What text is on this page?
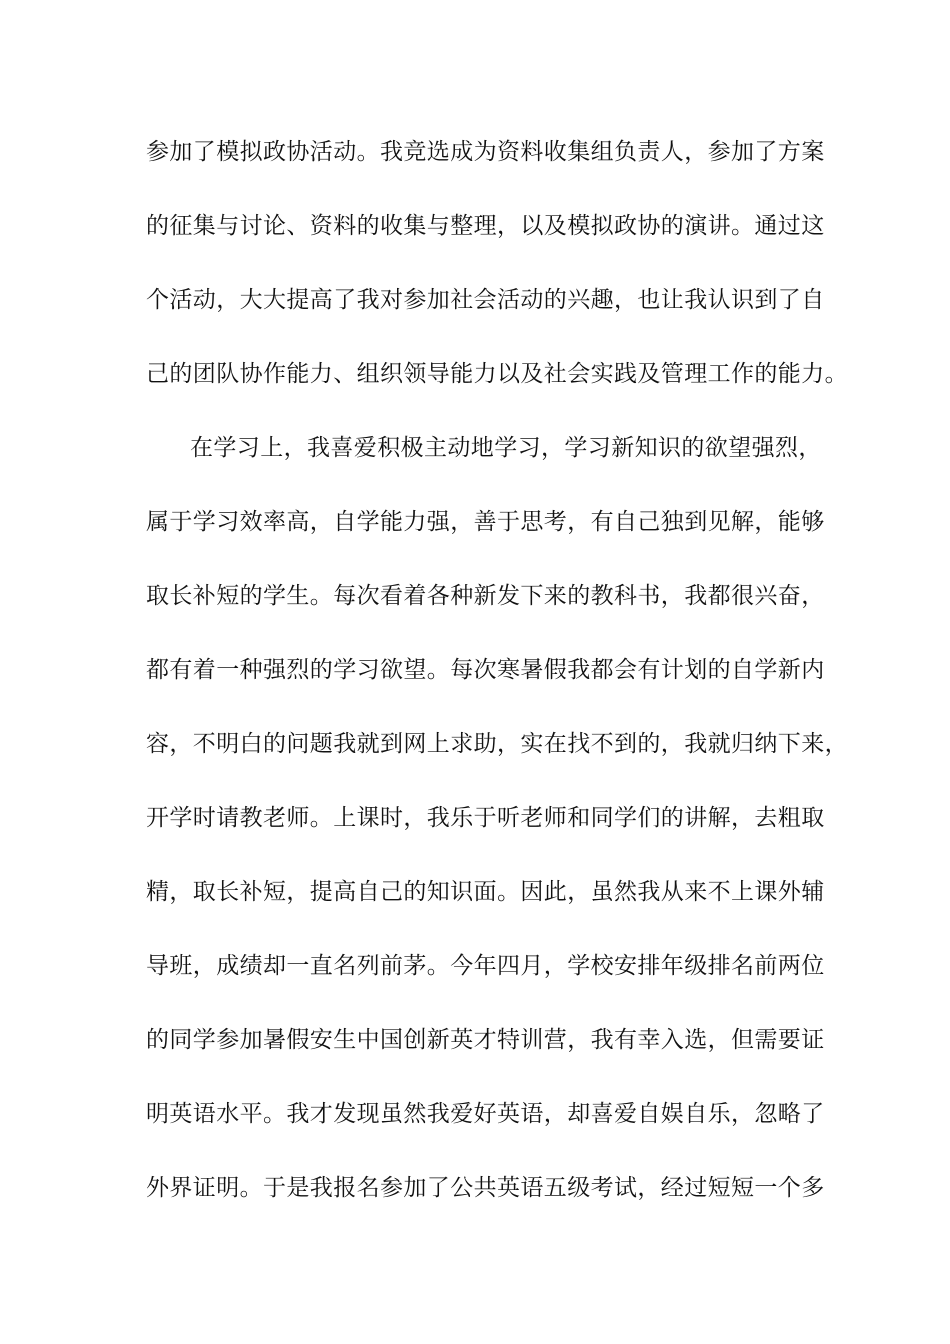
参加了模拟政协活动。我竞选成为资料收集组负责人，参加了方案
的征集与讨论、资料的收集与整理，以及模拟政协的演讲。通过这
个活动，大大提高了我对参加社会活动的兴趣，也让我认识到了自
己的团队协作能力、组织领导能力以及社会实践及管理工作的能力。
在学习上，我喜爱积极主动地学习，学习新知识的欲望强烈，
属于学习效率高，自学能力强，善于思考，有自己独到见解，能够
取长补短的学生。每次看着各种新发下来的教科书，我都很兴奋，
都有着一种强烈的学习欲望。每次寒暑假我都会有计划的自学新内
容，不明白的问题我就到网上求助，实在找不到的，我就归纳下来，
开学时请教老师。上课时，我乐于听老师和同学们的讲解，去粗取
精，取长补短，提高自己的知识面。因此，虽然我从来不上课外辅
导班，成绩却一直名列前茅。今年四月，学校安排年级排名前两位
的同学参加暑假安生中国创新英才特训营，我有幸入选，但需要证
明英语水平。我才发现虽然我爱好英语，却喜爱自娱自乐，忽略了
外界证明。于是我报名参加了公共英语五级考试，经过短短一个多
